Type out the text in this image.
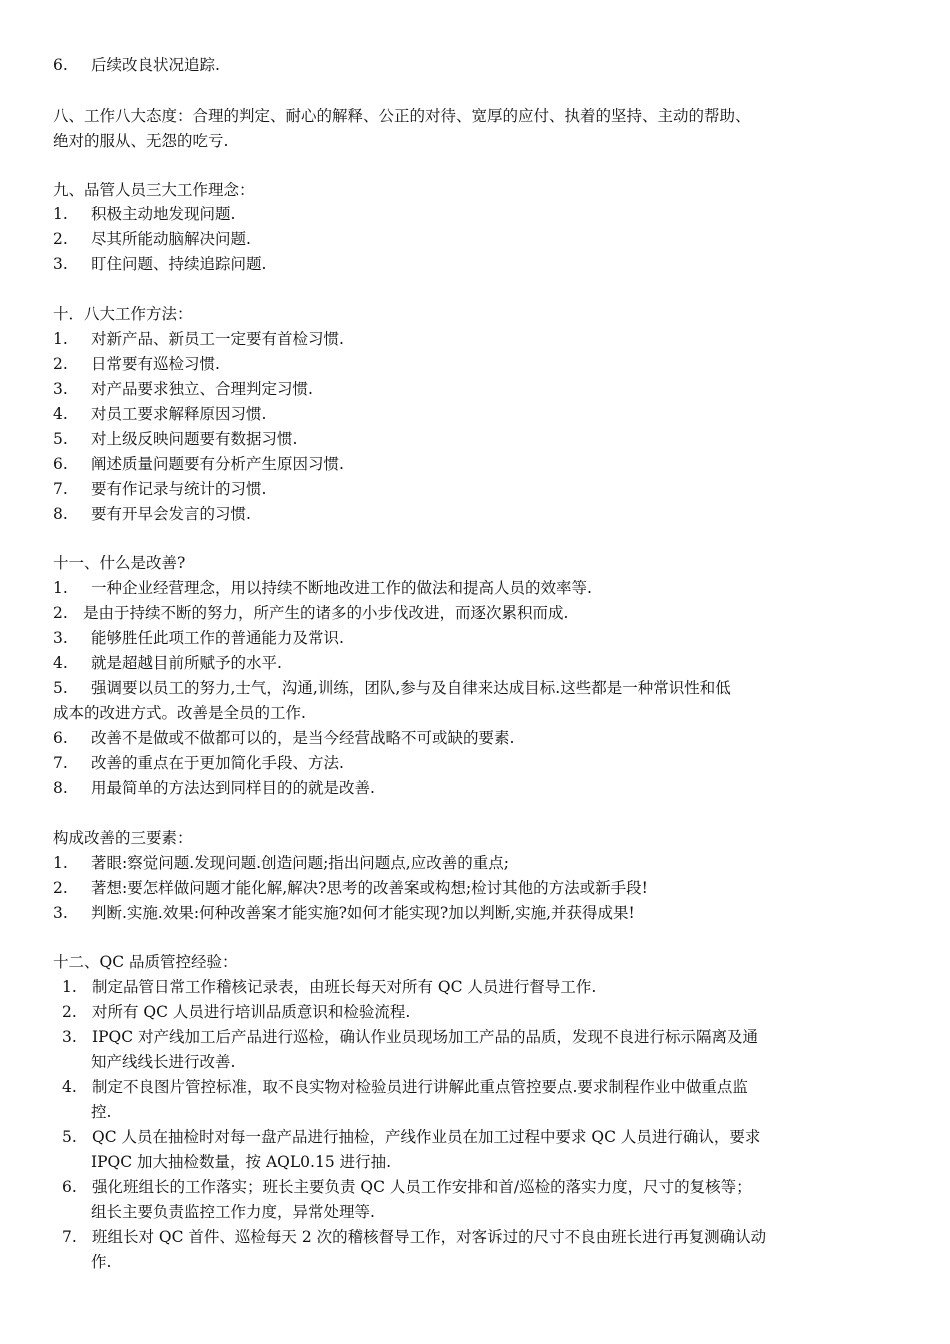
6. 后续改良状况追踪.
八、工作八大态度：合理的判定、耐心的解释、公正的对待、宽厚的应付、执着的坚持、主动的帮助、
绝对的服从、无怨的吃亏.
九、品管人员三大工作理念：
1. 积极主动地发现问题.
2. 尽其所能动脑解决问题.
3. 盯住问题、持续追踪问题.
十．八大工作方法：
1. 对新产品、新员工一定要有首检习惯.
2. 日常要有巡检习惯.
3. 对产品要求独立、合理判定习惯.
4. 对员工要求解释原因习惯.
5. 对上级反映问题要有数据习惯.
6. 阐述质量问题要有分析产生原因习惯.
7. 要有作记录与统计的习惯.
8. 要有开早会发言的习惯.
十一、什么是改善?
1. 一种企业经营理念，用以持续不断地改进工作的做法和提高人员的效率等.
2. 是由于持续不断的努力，所产生的诸多的小步伐改进，而逐次累积而成.
3. 能够胜任此项工作的普通能力及常识.
4. 就是超越目前所赋予的水平.
5. 强调要以员工的努力,士气，沟通,训练，团队,参与及自律来达成目标.这些都是一种常识性和低
成本的改进方式。改善是全员的工作.
6. 改善不是做或不做都可以的，是当今经营战略不可或缺的要素.
7. 改善的重点在于更加简化手段、方法.
8. 用最简单的方法达到同样目的的就是改善.
构成改善的三要素：
1. 著眼:察觉问题.发现问题.创造问题;指出问题点,应改善的重点;
2. 著想:要怎样做问题才能化解,解决?思考的改善案或构想;检讨其他的方法或新手段!
3. 判断.实施.效果:何种改善案才能实施?如何才能实现?加以判断,实施,并获得成果!
十二、QC 品质管控经验：
1. 制定品管日常工作稽核记录表，由班长每天对所有 QC 人员进行督导工作.
2. 对所有 QC 人员进行培训品质意识和检验流程.
3. IPQC 对产线加工后产品进行巡检，确认作业员现场加工产品的品质，发现不良进行标示隔离及通
知产线线长进行改善.
4. 制定不良图片管控标准，取不良实物对检验员进行讲解此重点管控要点.要求制程作业中做重点监
控.
5. QC 人员在抽检时对每一盘产品进行抽检，产线作业员在加工过程中要求 QC 人员进行确认，要求
IPQC 加大抽检数量，按 AQL0.15 进行抽.
6. 强化班组长的工作落实；班长主要负责 QC 人员工作安排和首/巡检的落实力度，尺寸的复核等；
组长主要负责监控工作力度，异常处理等.
7. 班组长对 QC 首件、巡检每天 2 次的稽核督导工作，对客诉过的尺寸不良由班长进行再复测确认动
作.
